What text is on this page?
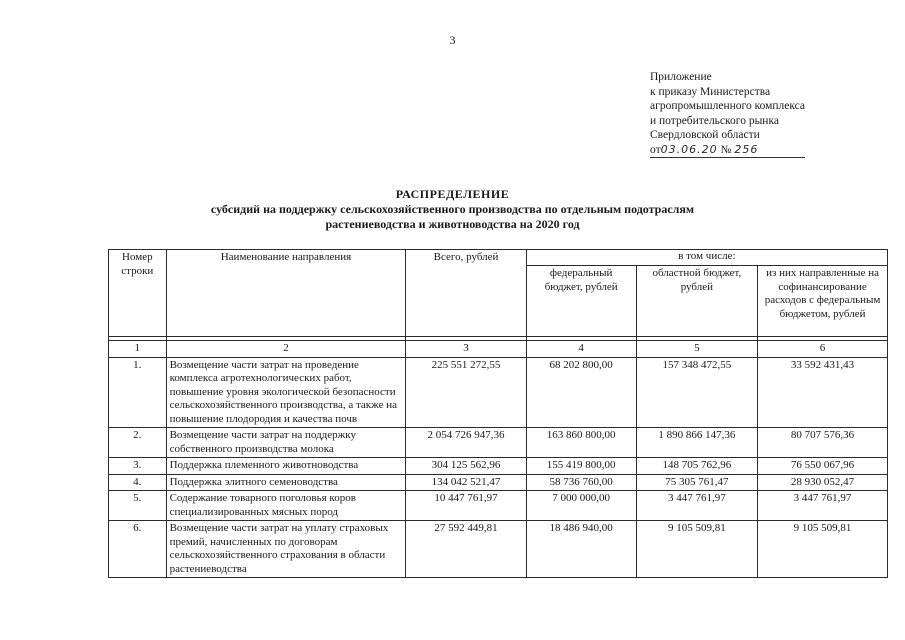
3
Приложение
к приказу Министерства
агропромышленного комплекса
и потребительского рынка
Свердловской области
от03.06.20 № 256
РАСПРЕДЕЛЕНИЕ
субсидий на поддержку сельскохозяйственного производства по отдельным подотраслям
растениеводства и животноводства на 2020 год
Номер строки	Наименование направления	Всего, рублей	в том числе:		
			федеральный бюджет, рублей	областной бюджет, рублей	из них направленные на софинансирование расходов с федеральным бюджетом, рублей

1	2	3	4	5	6
1.	Возмещение части затрат на проведение комплекса агротехнологических работ, повышение уровня экологической безопасности сельскохозяйственного производства, а также на повышение плодородия и качества почв	225 551 272,55	68 202 800,00	157 348 472,55	33 592 431,43
2.	Возмещение части затрат на поддержку собственного производства молока	2 054 726 947,36	163 860 800,00	1 890 866 147,36	80 707 576,36
3.	Поддержка племенного животноводства	304 125 562,96	155 419 800,00	148 705 762,96	76 550 067,96
4.	Поддержка элитного семеноводства	134 042 521,47	58 736 760,00	75 305 761,47	28 930 052,47
5.	Содержание товарного поголовья коров специализированных мясных пород	10 447 761,97	7 000 000,00	3 447 761,97	3 447 761,97
6.	Возмещение части затрат на уплату страховых премий, начисленных по договорам сельскохозяйственного страхования в области растениеводства	27 592 449,81	18 486 940,00	9 105 509,81	9 105 509,81
